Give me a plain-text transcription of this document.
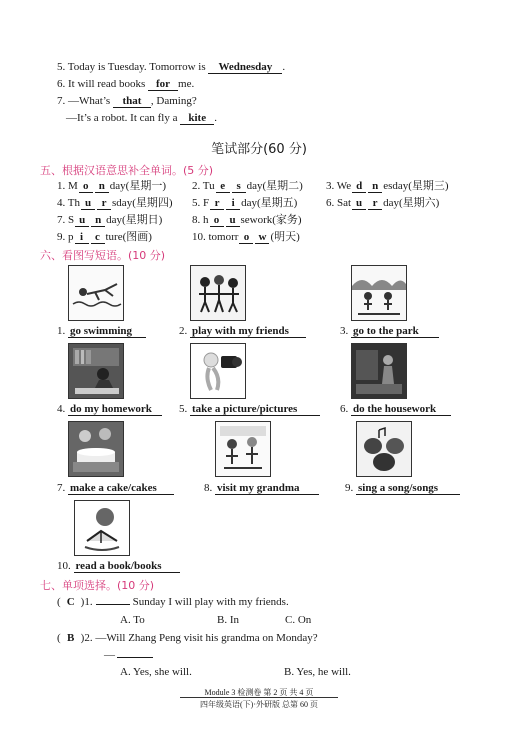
5. Today is Tuesday. Tomorrow is Wednesday .
6. It will read books for me.
7. —What’s that , Daming?
—It’s a robot. It can fly a kite .
笔试部分(60 分)
五、根据汉语意思补全单词。(5 分)
1. M o n day(星期一) 2. Tu e s day(星期二) 3. We d n esday(星期三)
4. Th u r sday(星期四) 5. F r i day(星期五)	6. Sat u r day(星期六)
7. S u n day(星期日)	8. h o u sework(家务)
9. p i c ture(图画)	10. tomorr o w (明天)
六、看图写短语。(10 分)
1. go swimming	2. play with my friends	3. go to the park
4. do my homework	5. take a picture/pictures	6. do the housework
7. make a cake/cakes	8. visit my grandma	9. sing a song/songs
10. read a book/books
七、单项选择。(10 分)
( C )1.	Sunday I will play with my friends.
A. To	B. In	C. On
( B )2. —Will Zhang Peng visit his grandma on Monday?
—
A. Yes, she will.	B. Yes, he will.
Module 3 检测卷 第 2 页 共 4 页
四年级英语(下)·外研版 总第 60 页
